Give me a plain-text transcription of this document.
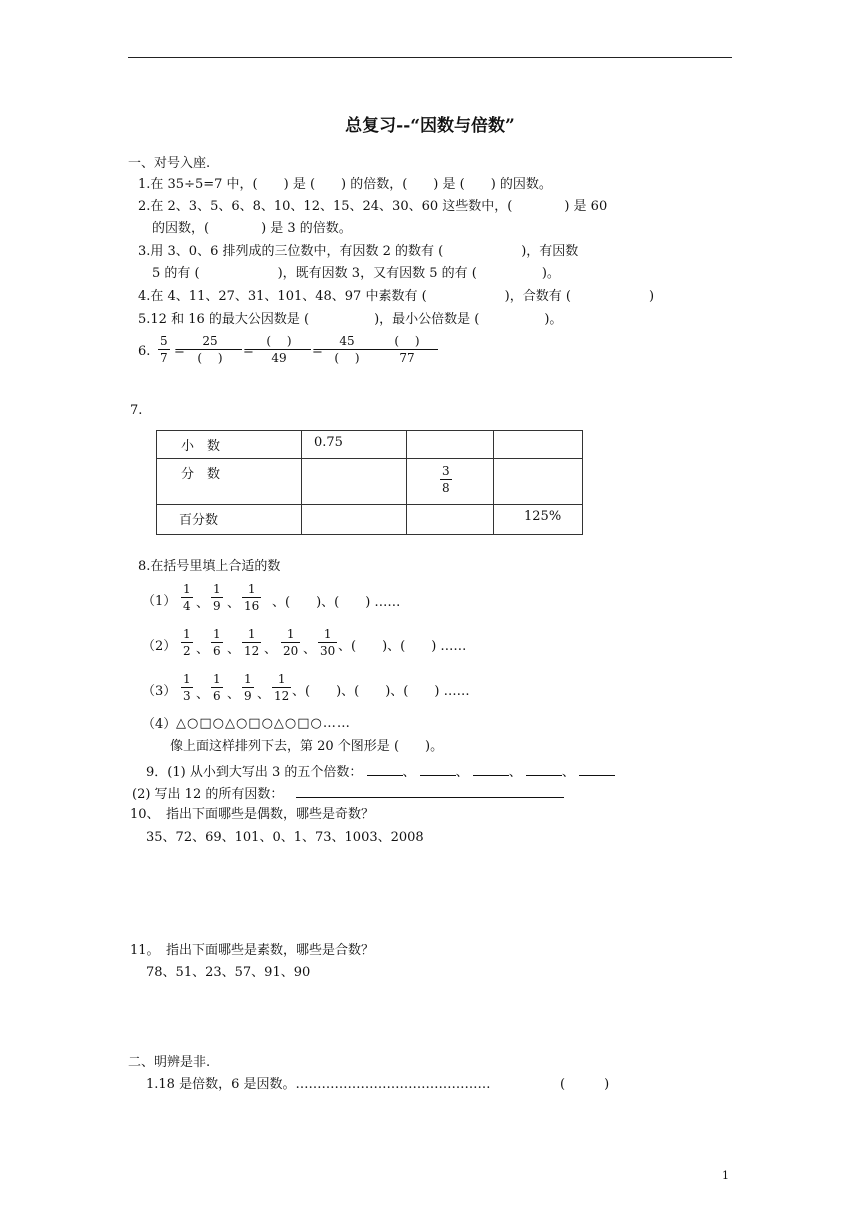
总复习--“因数与倍数”
一、对号入座.
1.在 35÷5=7 中，(　　) 是 (　　) 的倍数，(　　) 是 (　　) 的因数。
2.在 2、3、5、6、8、10、12、15、24、30、60 这些数中，(　　　　) 是 60
的因数，(　　　　) 是 3 的倍数。
3.用 3、0、6 排列成的三位数中，有因数 2 的数有 (　　　　　　)，有因数
5 的有 (　　　　　　)，既有因数 3，又有因数 5 的有 (　　　　　)。
4.在 4、11、27、31、101、48、97 中素数有 (　　　　　　)，合数有 (　　　　　　)
5.12 和 16 的最大公因数是 (　　　　　)，最小公倍数是 (　　　　　)。
6. $\frac{5}{7}$ =
25
(　 )	=
(　 )
49	=
45
(　 )
(　 )
77
7.
小　数	0.75		
分　数		$\frac{3}{8}$

百分数			125%
8.在括号里填上合适的数
$(1) \frac{1}{4}$ 、 $\frac{1}{9}$ 、 $\frac{1}{16}$ 、(　　)、(　　) ……
$(2) \frac{1}{2}$ 、 $\frac{1}{6}$ 、 $\frac{1}{12}$ 、 $\frac{1}{20}$ 、 $\frac{1}{30}$ 、(　　)、(　　) ……
$(3) \frac{1}{3}$ 、 $\frac{1}{6}$ 、 $\frac{1}{9}$ 、 $\frac{1}{12}$ 、(　　)、(　　)、(　　) ……
（4） △○□○△○□○△○□○……
像上面这样排列下去，第 20 个图形是 (　　)。
9．(1) 从小到大写出 3 的五个倍数：	、	、	、	、
(2) 写出 12 的所有因数：
10、　指出下面哪些是偶数，哪些是奇数？
35、72、69、101、0、1、73、1003、2008
11。　指出下面哪些是素数，哪些是合数？
78、51、23、57、91、90
二、明辨是非.
1.18 是倍数，6 是因数。………………………………………	(　　　)
1
